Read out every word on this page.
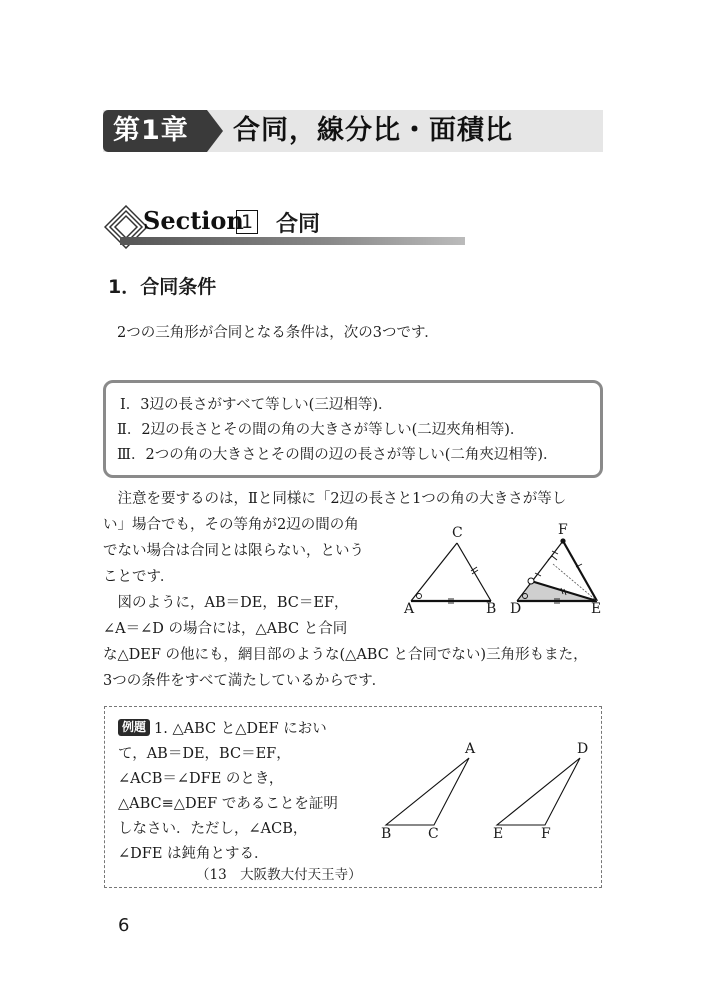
第1章	合同，線分比・面積比
Section
1 合同
1．合同条件
2つの三角形が合同となる条件は，次の3つです．
Ⅰ．3辺の長さがすべて等しい(三辺相等)．
Ⅱ．2辺の長さとその間の角の大きさが等しい(二辺夾角相等)．
Ⅲ．2つの角の大きさとその間の辺の長さが等しい(二角夾辺相等)．
　注意を要するのは，Ⅱと同様に「2辺の長さと1つの角の大きさが等し
い」場合でも，その等角が2辺の間の角
でない場合は合同とは限らない，という
ことです．
　図のように，AB＝DE，BC＝EF，
∠A＝∠D の場合には，△ABC と合同
な△DEF の他にも，網目部のような(△ABC と合同でない)三角形もまた，
3つの条件をすべて満たしているからです．
A	B
C
D	E
F
例題 1. △ABC と△DEF におい
て，AB＝DE，BC＝EF，
∠ACB＝∠DFE のとき，
△ABC≡△DEF であることを証明
しなさい．ただし，∠ACB，
∠DFE は鈍角とする．
（13　大阪教大付天王寺）
A
B	C
D
E	F
6
